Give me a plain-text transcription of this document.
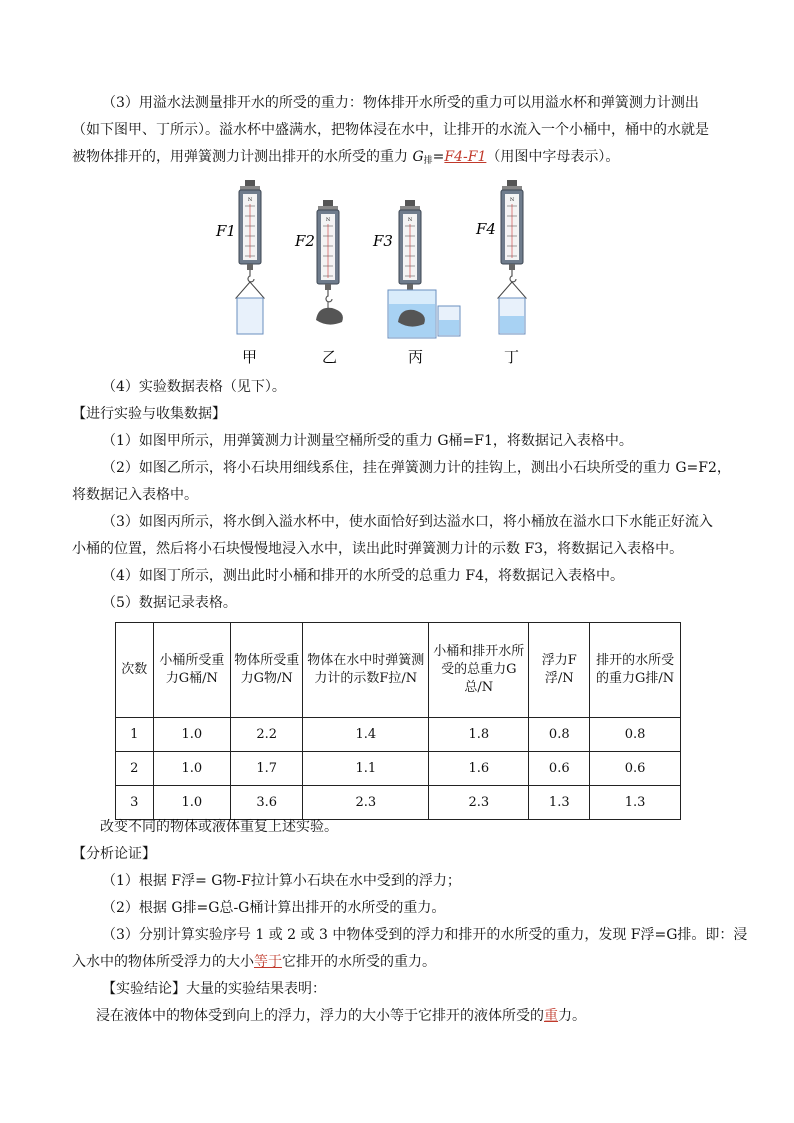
（3）用溢水法测量排开水的所受的重力：物体排开水所受的重力可以用溢水杯和弹簧测力计测出
（如下图甲、丁所示）。溢水杯中盛满水，把物体浸在水中，让排开的水流入一个小桶中，桶中的水就是
被物体排开的，用弹簧测力计测出排开的水所受的重力 $G_排=F4-F1$（用图中字母表示）。
N
F1
F2	F3
F4
甲	乙	丙	丁
（4）实验数据表格（见下）。
【进行实验与收集数据】
（1）如图甲所示，用弹簧测力计测量空桶所受的重力 G桶=F1，将数据记入表格中。
（2）如图乙所示，将小石块用细线系住，挂在弹簧测力计的挂钩上，测出小石块所受的重力 G=F2，
将数据记入表格中。
（3）如图丙所示，将水倒入溢水杯中，使水面恰好到达溢水口，将小桶放在溢水口下水能正好流入
小桶的位置，然后将小石块慢慢地浸入水中，读出此时弹簧测力计的示数 F3，将数据记入表格中。
（4）如图丁所示，测出此时小桶和排开的水所受的总重力 F4，将数据记入表格中。
（5）数据记录表格。
次数	小桶所受重力G桶/N	物体所受重力G物/N	物体在水中时弹簧测力计的示数F拉/N	小桶和排开水所受的总重力G总/N	浮力F浮/N	排开的水所受的重力G排/N
1	1.0	2.2	1.4	1.8	0.8	0.8
2	1.0	1.7	1.1	1.6	0.6	0.6
3	1.0	3.6	2.3	2.3	1.3	1.3
改变不同的物体或液体重复上述实验。
【分析论证】
（1）根据 F浮= G物-F拉计算小石块在水中受到的浮力；
（2）根据 G排=G总-G桶计算出排开的水所受的重力。
（3）分别计算实验序号 1 或 2 或 3 中物体受到的浮力和排开的水所受的重力，发现 F浮=G排。即：浸
入水中的物体所受浮力的大小等于它排开的水所受的重力。
【实验结论】大量的实验结果表明：
浸在液体中的物体受到向上的浮力，浮力的大小等于它排开的液体所受的重力。
